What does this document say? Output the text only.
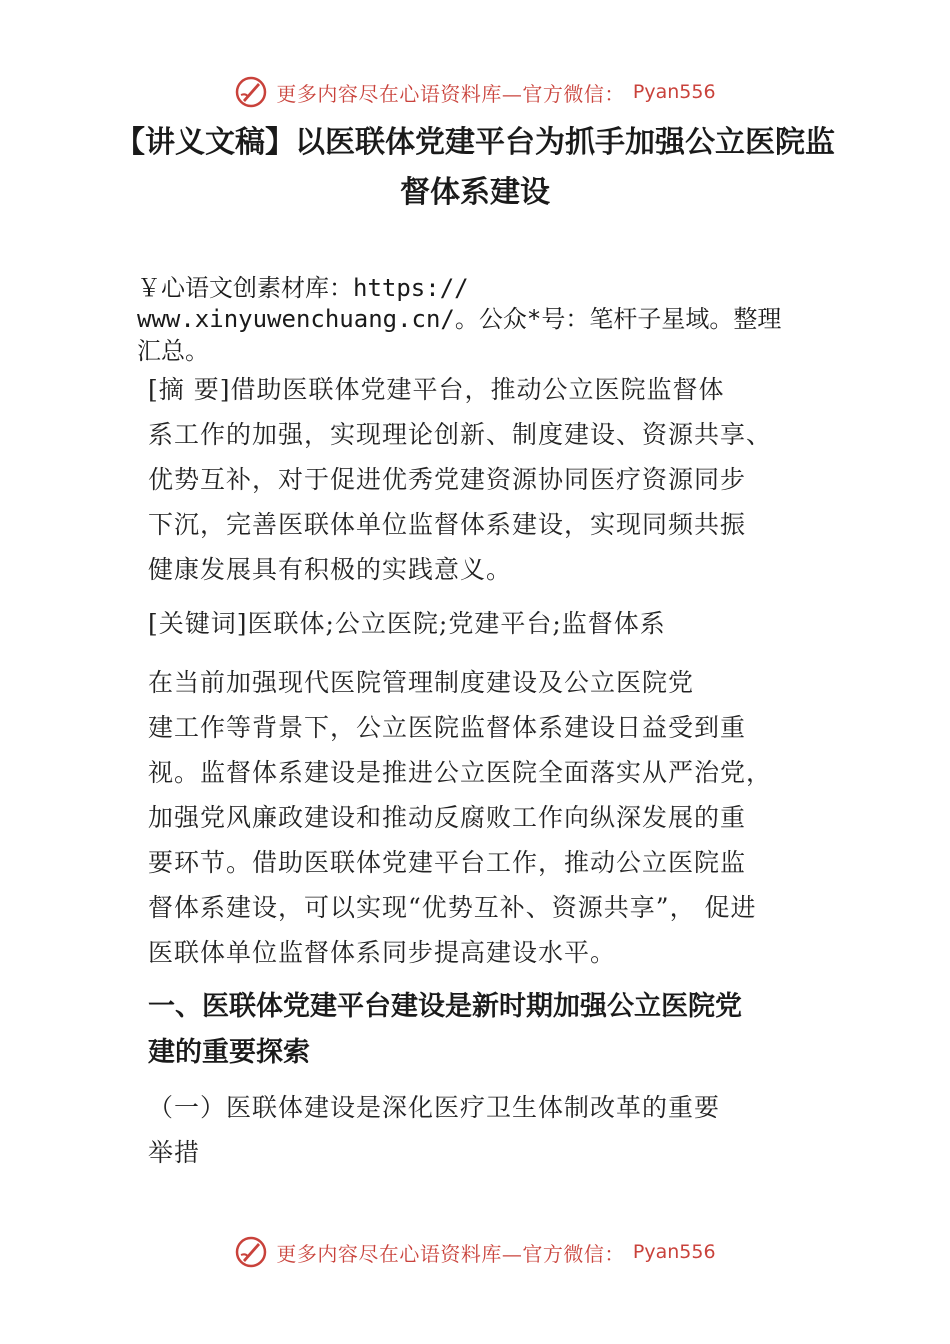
更多内容尽在心语资料库—官方微信： Pyan556
【讲义文稿】以医联体党建平台为抓手加强公立医院监
督体系建设
￥心语文创素材库：https://
www.xinyuwenchuang.cn/。公众*号：笔杆子星域。整理
汇总。
[摘 要]借助医联体党建平台，推动公立医院监督体
系工作的加强，实现理论创新、制度建设、资源共享、
优势互补，对于促进优秀党建资源协同医疗资源同步
下沉，完善医联体单位监督体系建设，实现同频共振
健康发展具有积极的实践意义。
[关键词]医联体;公立医院;党建平台;监督体系
在当前加强现代医院管理制度建设及公立医院党
建工作等背景下，公立医院监督体系建设日益受到重
视。监督体系建设是推进公立医院全面落实从严治党，
加强党风廉政建设和推动反腐败工作向纵深发展的重
要环节。借助医联体党建平台工作，推动公立医院监
督体系建设，可以实现“优势互补、资源共享”， 促进
医联体单位监督体系同步提高建设水平。
一、医联体党建平台建设是新时期加强公立医院党
建的重要探索
（一）医联体建设是深化医疗卫生体制改革的重要
举措
更多内容尽在心语资料库—官方微信： Pyan556
